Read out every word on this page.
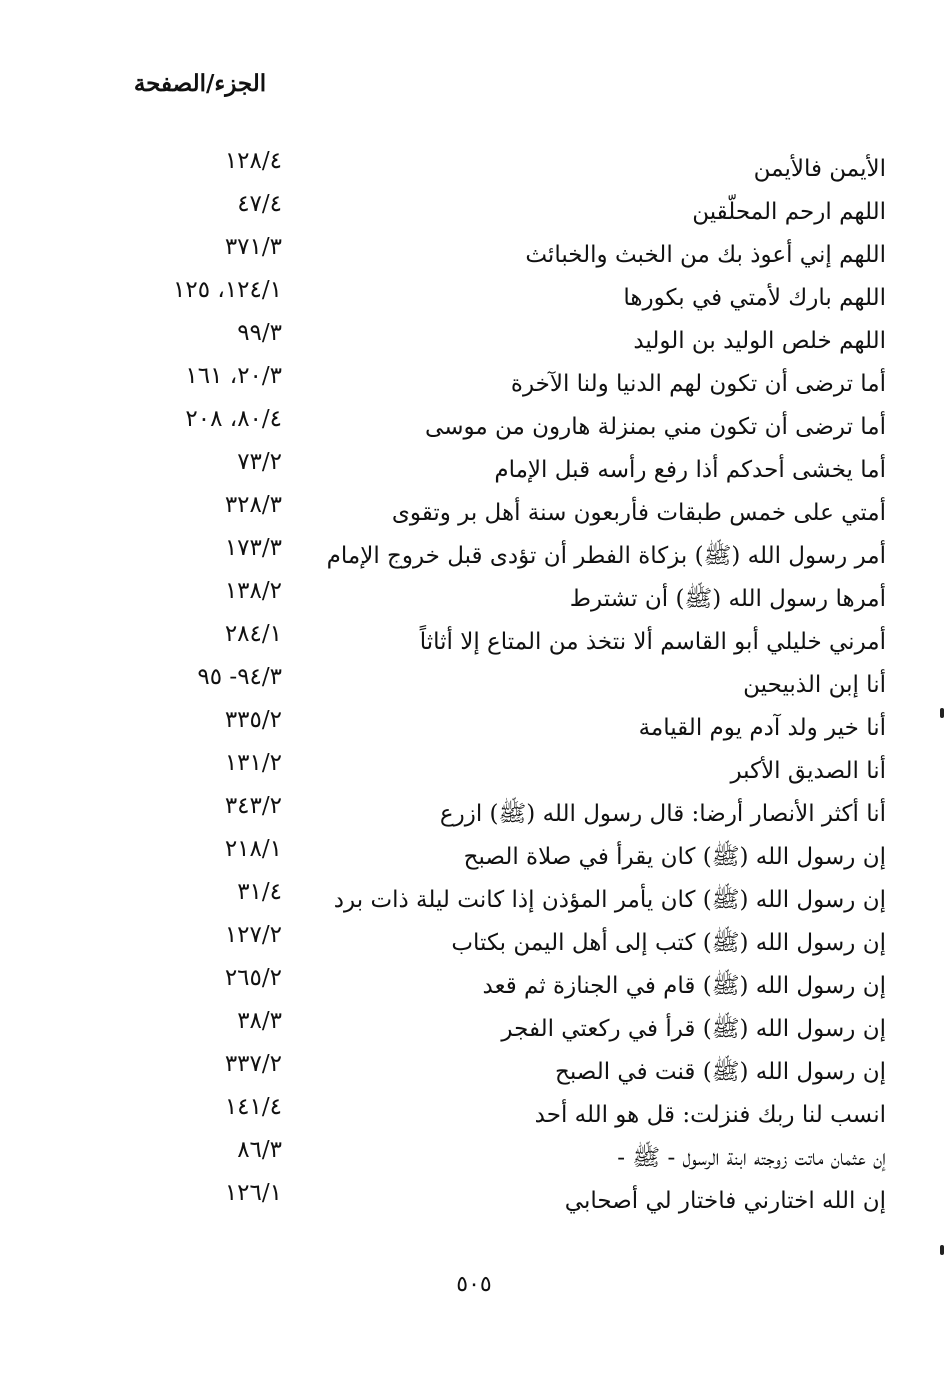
الجزء/الصفحة
الأيمن فالأيمن
١٢٨/٤
اللهم ارحم المحلّقين
٤٧/٤
اللهم إني أعوذ بك من الخبث والخبائث
٣٧١/٣
اللهم بارك لأمتي في بكورها
١٢٤/١، ١٢٥
اللهم خلص الوليد بن الوليد
٩٩/٣
أما ترضى أن تكون لهم الدنيا ولنا الآخرة
٢٠/٣، ١٦١
أما ترضى أن تكون مني بمنزلة هارون من موسى
٨٠/٤، ٢٠٨
أما يخشى أحدكم أذا رفع رأسه قبل الإمام
٧٣/٢
أمتي على خمس طبقات فأربعون سنة أهل بر وتقوى
٣٢٨/٣
أمر رسول الله (ﷺ) بزكاة الفطر أن تؤدى قبل خروج الإمام
١٧٣/٣
أمرها رسول الله (ﷺ) أن تشترط
١٣٨/٢
أمرني خليلي أبو القاسم ألا نتخذ من المتاع إلا أثاثاً
٢٨٤/١
أنا إبن الذبيحين
٩٤/٣- ٩٥
أنا خير ولد آدم يوم القيامة
٣٣٥/٢
أنا الصديق الأكبر
١٣١/٢
أنا أكثر الأنصار أرضا: قال رسول الله (ﷺ) ازرع
٣٤٣/٢
إن رسول الله (ﷺ) كان يقرأ في صلاة الصبح
٢١٨/١
إن رسول الله (ﷺ) كان يأمر المؤذن إذا كانت ليلة ذات برد
٣١/٤
إن رسول الله (ﷺ) كتب إلى أهل اليمن بكتاب
١٢٧/٢
إن رسول الله (ﷺ) قام في الجنازة ثم قعد
٢٦٥/٢
إن رسول الله (ﷺ) قرأ في ركعتي الفجر
٣٨/٣
إن رسول الله (ﷺ) قنت في الصبح
٣٣٧/٢
انسب لنا ربك فنزلت: قل هو الله أحد
١٤١/٤
إن عثمان ماتت زوجته ابنة الرسول - ﷺ -
٨٦/٣
إن الله اختارني فاختار لي أصحابي
١٢٦/١
٥٠٥
